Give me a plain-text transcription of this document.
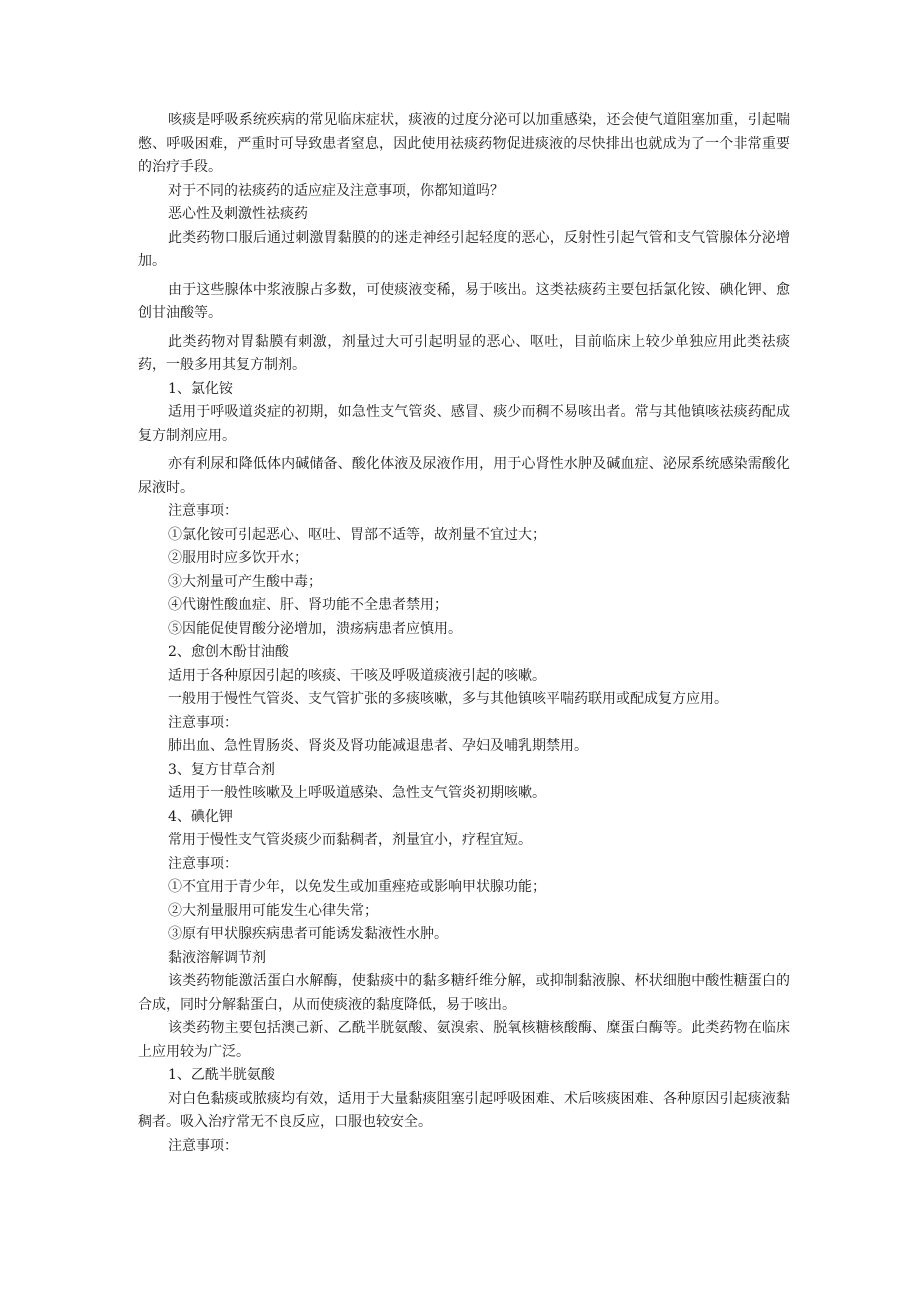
咳痰是呼吸系统疾病的常见临床症状，痰液的过度分泌可以加重感染，还会使气道阻塞加重，引起喘憋、呼吸困难，严重时可导致患者窒息，因此使用祛痰药物促进痰液的尽快排出也就成为了一个非常重要的治疗手段。

对于不同的祛痰药的适应症及注意事项，你都知道吗？

恶心性及刺激性祛痰药

此类药物口服后通过刺激胃黏膜的的迷走神经引起轻度的恶心，反射性引起气管和支气管腺体分泌增加。

由于这些腺体中浆液腺占多数，可使痰液变稀，易于咳出。这类祛痰药主要包括氯化铵、碘化钾、愈创甘油酸等。

此类药物对胃黏膜有刺激，剂量过大可引起明显的恶心、呕吐，目前临床上较少单独应用此类祛痰药，一般多用其复方制剂。

1、氯化铵

适用于呼吸道炎症的初期，如急性支气管炎、感冒、痰少而稠不易咳出者。常与其他镇咳祛痰药配成复方制剂应用。

亦有利尿和降低体内碱储备、酸化体液及尿液作用，用于心肾性水肿及碱血症、泌尿系统感染需酸化尿液时。

注意事项：

①氯化铵可引起恶心、呕吐、胃部不适等，故剂量不宜过大；

②服用时应多饮开水；

③大剂量可产生酸中毒；

④代谢性酸血症、肝、肾功能不全患者禁用；

⑤因能促使胃酸分泌增加，溃疡病患者应慎用。

2、愈创木酚甘油酸

适用于各种原因引起的咳痰、干咳及呼吸道痰液引起的咳嗽。

一般用于慢性气管炎、支气管扩张的多痰咳嗽，多与其他镇咳平喘药联用或配成复方应用。

注意事项：

肺出血、急性胃肠炎、肾炎及肾功能减退患者、孕妇及哺乳期禁用。

3、复方甘草合剂

适用于一般性咳嗽及上呼吸道感染、急性支气管炎初期咳嗽。

4、碘化钾

常用于慢性支气管炎痰少而黏稠者，剂量宜小，疗程宜短。

注意事项：

①不宜用于青少年，以免发生或加重痤疮或影响甲状腺功能；

②大剂量服用可能发生心律失常；

③原有甲状腺疾病患者可能诱发黏液性水肿。

黏液溶解调节剂

该类药物能激活蛋白水解酶，使黏痰中的黏多糖纤维分解，或抑制黏液腺、杯状细胞中酸性糖蛋白的合成，同时分解黏蛋白，从而使痰液的黏度降低，易于咳出。

该类药物主要包括澳己新、乙酰半胱氨酸、氨溴索、脱氧核糖核酸酶、糜蛋白酶等。此类药物在临床上应用较为广泛。

1、乙酰半胱氨酸

对白色黏痰或脓痰均有效，适用于大量黏痰阻塞引起呼吸困难、术后咳痰困难、各种原因引起痰液黏稠者。吸入治疗常无不良反应，口服也较安全。

注意事项：
